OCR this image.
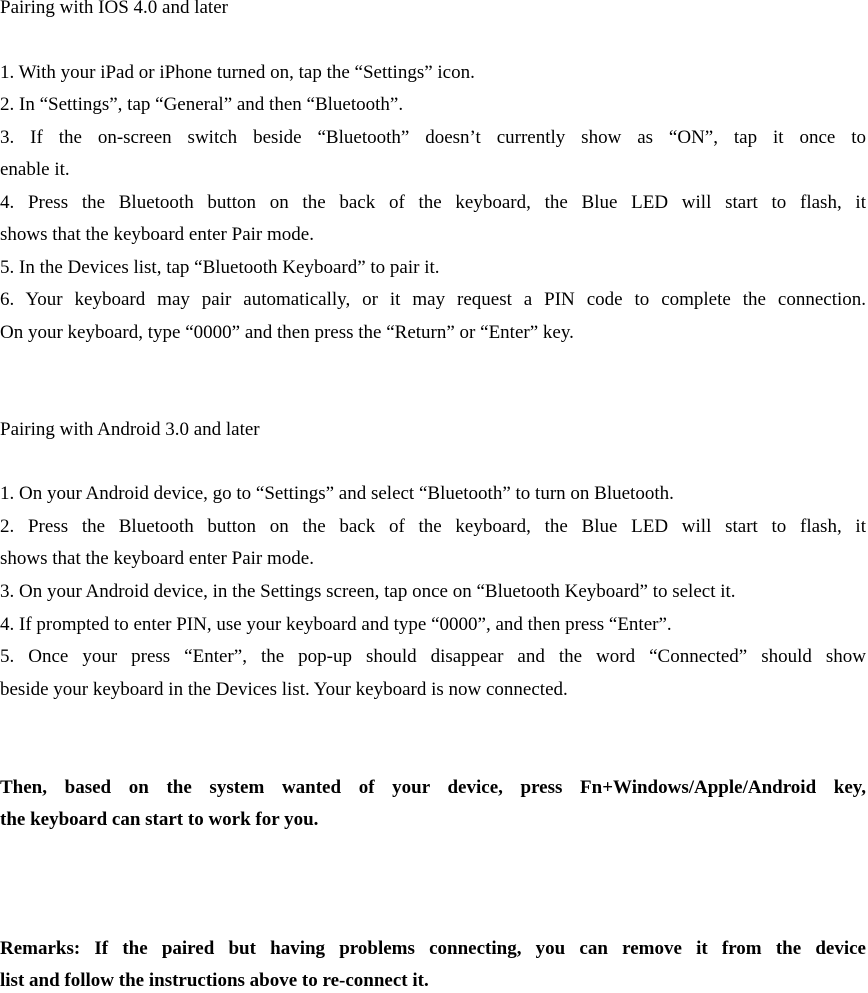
Pairing with IOS 4.0 and later
1. With your iPad or iPhone turned on, tap the “Settings” icon.
2. In “Settings”, tap “General” and then “Bluetooth”.
3. If the on-screen switch beside “Bluetooth” doesn’t currently show as “ON”, tap it once to
enable it.
4. Press the Bluetooth button on the back of the keyboard, the Blue LED will start to flash, it
shows that the keyboard enter Pair mode.
5. In the Devices list, tap “Bluetooth Keyboard” to pair it.
6. Your keyboard may pair automatically, or it may request a PIN code to complete the connection.
On your keyboard, type “0000” and then press the “Return” or “Enter” key.
Pairing with Android 3.0 and later
1. On your Android device, go to “Settings” and select “Bluetooth” to turn on Bluetooth.
2. Press the Bluetooth button on the back of the keyboard, the Blue LED will start to flash, it
shows that the keyboard enter Pair mode.
3. On your Android device, in the Settings screen, tap once on “Bluetooth Keyboard” to select it.
4. If prompted to enter PIN, use your keyboard and type “0000”, and then press “Enter”.
5. Once your press “Enter”, the pop-up should disappear and the word “Connected” should show
beside your keyboard in the Devices list. Your keyboard is now connected.
Then, based on the system wanted of your device, press Fn+Windows/Apple/Android key,
the keyboard can start to work for you.
Remarks: If the paired but having problems connecting, you can remove it from the device
list and follow the instructions above to re-connect it.
